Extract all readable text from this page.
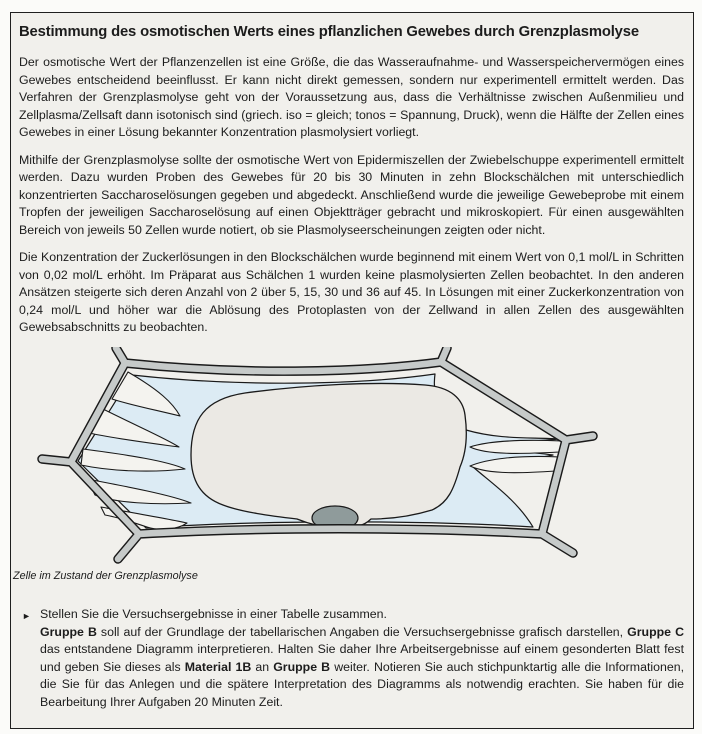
Bestimmung des osmotischen Werts eines pflanzlichen Gewebes durch Grenzplasmolyse

Der osmotische Wert der Pflanzenzellen ist eine Größe, die das Wasseraufnahme- und Wasserspeichervermögen eines Gewebes entscheidend beeinflusst. Er kann nicht direkt gemessen, sondern nur experimentell ermittelt werden. Das Verfahren der Grenzplasmolyse geht von der Voraussetzung aus, dass die Verhältnisse zwischen Außenmilieu und Zellplasma/Zellsaft dann isotonisch sind (griech. iso = gleich; tonos = Spannung, Druck), wenn die Hälfte der Zellen eines Gewebes in einer Lösung bekannter Konzentration plasmolysiert vorliegt.

Mithilfe der Grenzplasmolyse sollte der osmotische Wert von Epidermiszellen der Zwiebelschuppe experimentell ermittelt werden. Dazu wurden Proben des Gewebes für 20 bis 30 Minuten in zehn Blockschälchen mit unterschiedlich konzentrierten Saccharoselösungen gegeben und abgedeckt. Anschließend wurde die jeweilige Gewebeprobe mit einem Tropfen der jeweiligen Saccharoselösung auf einen Objektträger gebracht und mikroskopiert. Für einen ausgewählten Bereich von jeweils 50 Zellen wurde notiert, ob sie Plasmolyseerscheinungen zeigten oder nicht.

Die Konzentration der Zuckerlösungen in den Blockschälchen wurde beginnend mit einem Wert von 0,1 mol/L in Schritten von 0,02 mol/L erhöht. Im Präparat aus Schälchen 1 wurden keine plasmolysierten Zellen beobachtet. In den anderen Ansätzen steigerte sich deren Anzahl von 2 über 5, 15, 30 und 36 auf 45. In Lösungen mit einer Zuckerkonzentration von 0,24 mol/L und höher war die Ablösung des Protoplasten von der Zellwand in allen Zellen des ausgewählten Gewebsabschnitts zu beobachten.

Zelle im Zustand der Grenzplasmolyse
► Stellen Sie die Versuchsergebnisse in einer Tabelle zusammen.
Gruppe B soll auf der Grundlage der tabellarischen Angaben die Versuchsergebnisse grafisch darstellen, Gruppe C das entstandene Diagramm interpretieren. Halten Sie daher Ihre Arbeitsergebnisse auf einem gesonderten Blatt fest und geben Sie dieses als Material 1B an Gruppe B weiter. Notieren Sie auch stichpunktartig alle die Informationen, die Sie für das Anlegen und die spätere Interpretation des Diagramms als notwendig erachten. Sie haben für die Bearbeitung Ihrer Aufgaben 20 Minuten Zeit.
